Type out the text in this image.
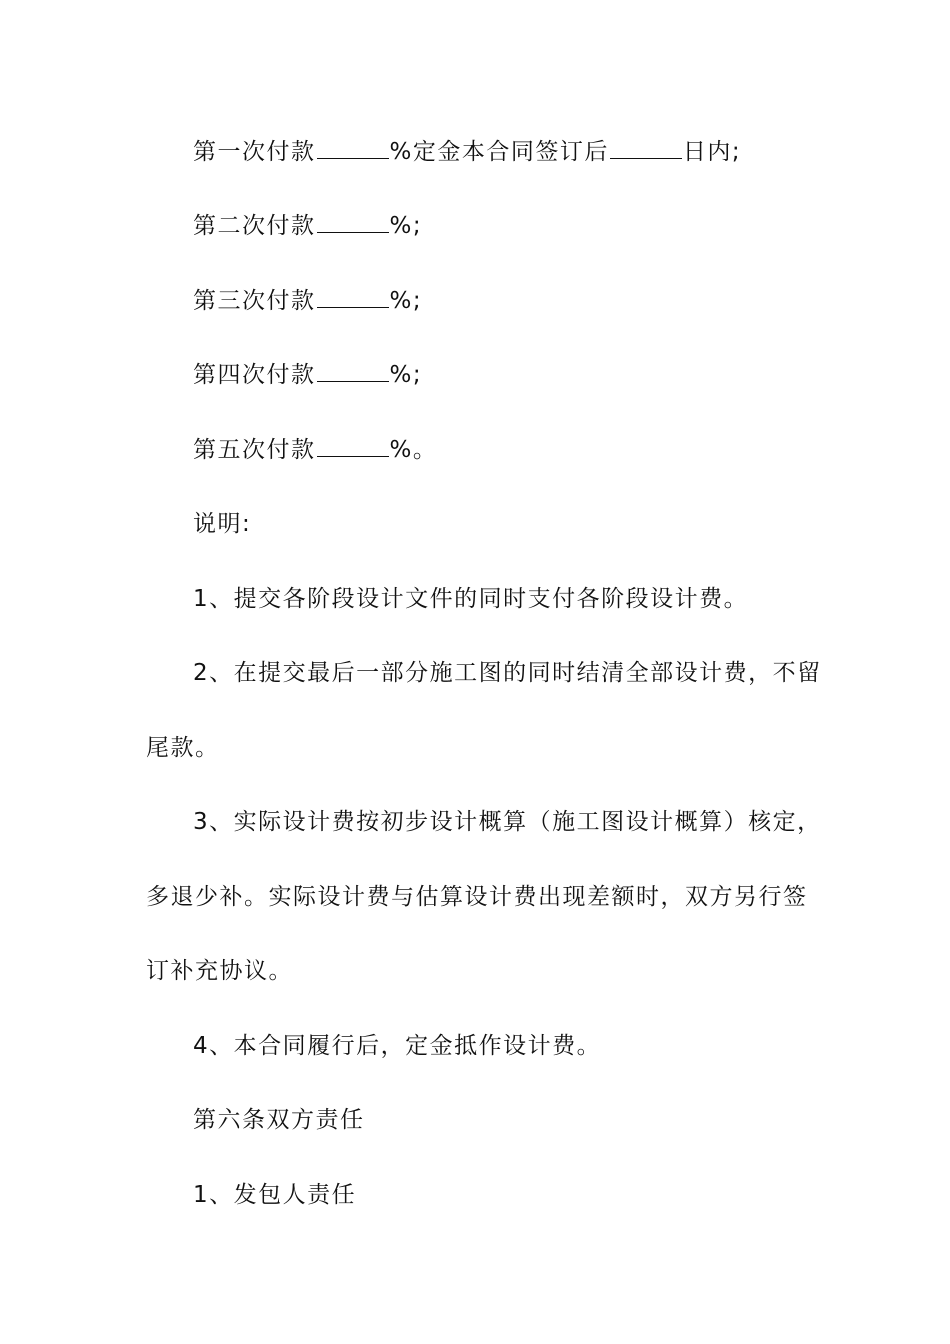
第一次付款	%定金本合同签订后	日内;
第二次付款	%;
第三次付款	%;
第四次付款	%;
第五次付款	%。
说明:
1、提交各阶段设计文件的同时支付各阶段设计费。
2、在提交最后一部分施工图的同时结清全部设计费，不留
尾款。
3、实际设计费按初步设计概算（施工图设计概算）核定，
多退少补。实际设计费与估算设计费出现差额时，双方另行签
订补充协议。
4、本合同履行后，定金抵作设计费。
第六条双方责任
1、发包人责任
